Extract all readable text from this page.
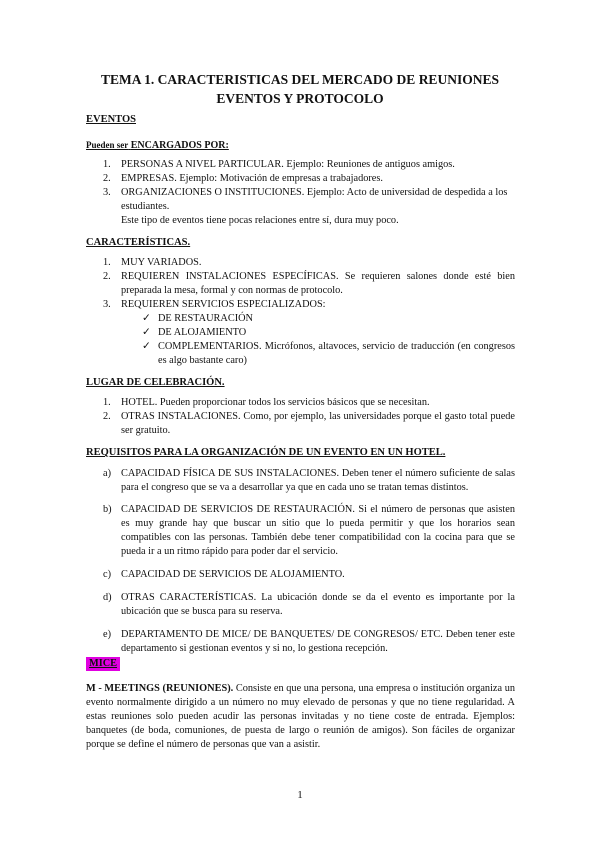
TEMA 1. CARACTERISTICAS DEL MERCADO DE REUNIONES
EVENTOS Y PROTOCOLO
EVENTOS
Pueden ser ENCARGADOS POR:
1. PERSONAS A NIVEL PARTICULAR. Ejemplo: Reuniones de antiguos amigos.
2. EMPRESAS. Ejemplo: Motivación de empresas a trabajadores.
3. ORGANIZACIONES O INSTITUCIONES. Ejemplo: Acto de universidad de despedida a los estudiantes.
Este tipo de eventos tiene pocas relaciones entre sí, dura muy poco.
CARACTERÍSTICAS.
1. MUY VARIADOS.
2. REQUIEREN INSTALACIONES ESPECÍFICAS. Se requieren salones donde esté bien preparada la mesa, formal y con normas de protocolo.
3. REQUIEREN SERVICIOS ESPECIALIZADOS:
✓ DE RESTAURACIÓN
✓ DE ALOJAMIENTO
✓ COMPLEMENTARIOS. Micrófonos, altavoces, servicio de traducción (en congresos es algo bastante caro)
LUGAR DE CELEBRACIÓN.
1. HOTEL. Pueden proporcionar todos los servicios básicos que se necesitan.
2. OTRAS INSTALACIONES. Como, por ejemplo, las universidades porque el gasto total puede ser gratuito.
REQUISITOS PARA LA ORGANIZACIÓN DE UN EVENTO EN UN HOTEL.
a) CAPACIDAD FÍSICA DE SUS INSTALACIONES. Deben tener el número suficiente de salas para el congreso que se va a desarrollar ya que en cada uno se tratan temas distintos.
b) CAPACIDAD DE SERVICIOS DE RESTAURACIÓN. Si el número de personas que asisten es muy grande hay que buscar un sitio que lo pueda permitir y que los horarios sean compatibles con las personas. También debe tener compatibilidad con la cocina para que se pueda ir a un ritmo rápido para poder dar el servicio.
c) CAPACIDAD DE SERVICIOS DE ALOJAMIENTO.
d) OTRAS CARACTERÍSTICAS. La ubicación donde se da el evento es importante por la ubicación que se busca para su reserva.
e) DEPARTAMENTO DE MICE/ DE BANQUETES/ DE CONGRESOS/ ETC. Deben tener este departamento si gestionan eventos y si no, lo gestiona recepción.
MICE
M - MEETINGS (REUNIONES). Consiste en que una persona, una empresa o institución organiza un evento normalmente dirigido a un número no muy elevado de personas y que no tiene regularidad. A estas reuniones solo pueden acudir las personas invitadas y no tiene coste de entrada. Ejemplos: banquetes (de boda, comuniones, de puesta de largo o reunión de amigos). Son fáciles de organizar porque se define el número de personas que van a asistir.
1
